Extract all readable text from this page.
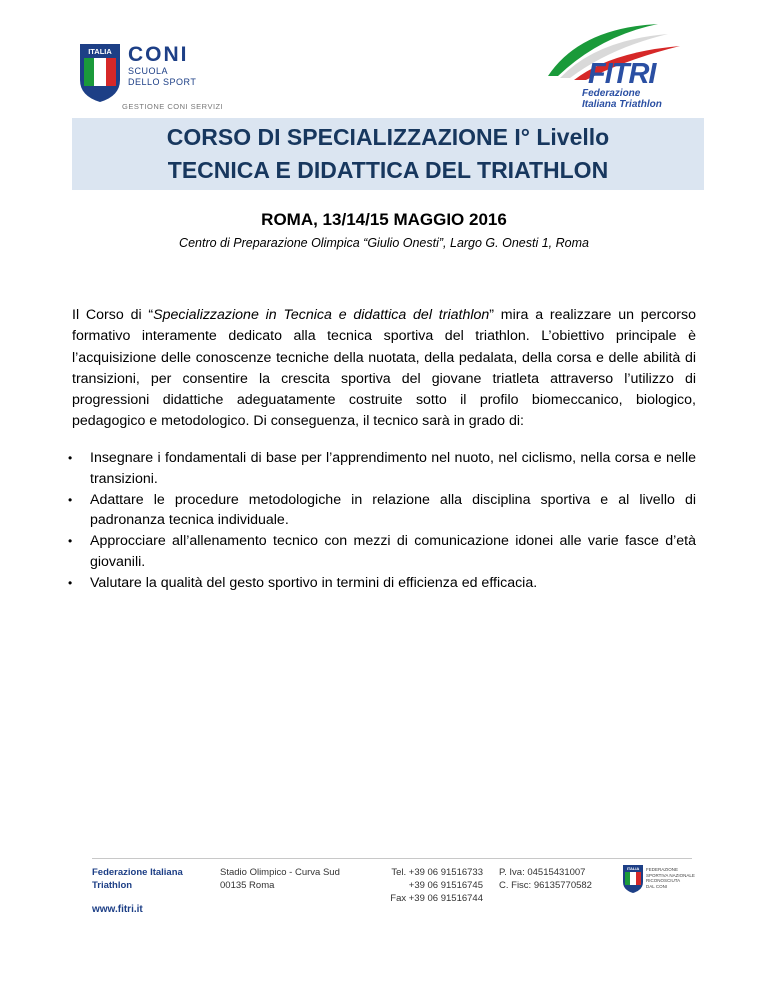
ITALIA CONI
SCUOLA
DELLO SPORT
GESTIONE CONI SERVIZI
FITRI
Federazione
Italiana Triathlon
CORSO DI SPECIALIZZAZIONE I° Livello
TECNICA E DIDATTICA DEL TRIATHLON
ROMA, 13/14/15 MAGGIO 2016
Centro di Preparazione Olimpica “Giulio Onesti”, Largo G. Onesti 1, Roma

Il Corso di “Specializzazione in Tecnica e didattica del triathlon” mira a realizzare un percorso formativo interamente dedicato alla tecnica sportiva del triathlon. L’obiettivo principale è l’acquisizione delle conoscenze tecniche della nuotata, della pedalata, della corsa e delle abilità di transizioni, per consentire la crescita sportiva del giovane triatleta attraverso l’utilizzo di progressioni didattiche adeguatamente costruite sotto il profilo biomeccanico, biologico, pedagogico e metodologico. Di conseguenza, il tecnico sarà in grado di:

• Insegnare i fondamentali di base per l’apprendimento nel nuoto, nel ciclismo, nella corsa e nelle transizioni.
• Adattare le procedure metodologiche in relazione alla disciplina sportiva e al livello di padronanza tecnica individuale.
• Approcciare all’allenamento tecnico con mezzi di comunicazione idonei alle varie fasce d’età giovanili.
• Valutare la qualità del gesto sportivo in termini di efficienza ed efficacia.
Federazione Italiana
Triathlon
www.fitri.it
Stadio Olimpico - Curva Sud
00135 Roma
Tel. +39 06 91516733
+39 06 91516745
Fax +39 06 91516744
P. Iva: 04515431007
C. Fisc: 96135770582
ITALIA FEDERAZIONE
SPORTIVA NAZIONALE
RICONOSCIUTA
DAL CONI
